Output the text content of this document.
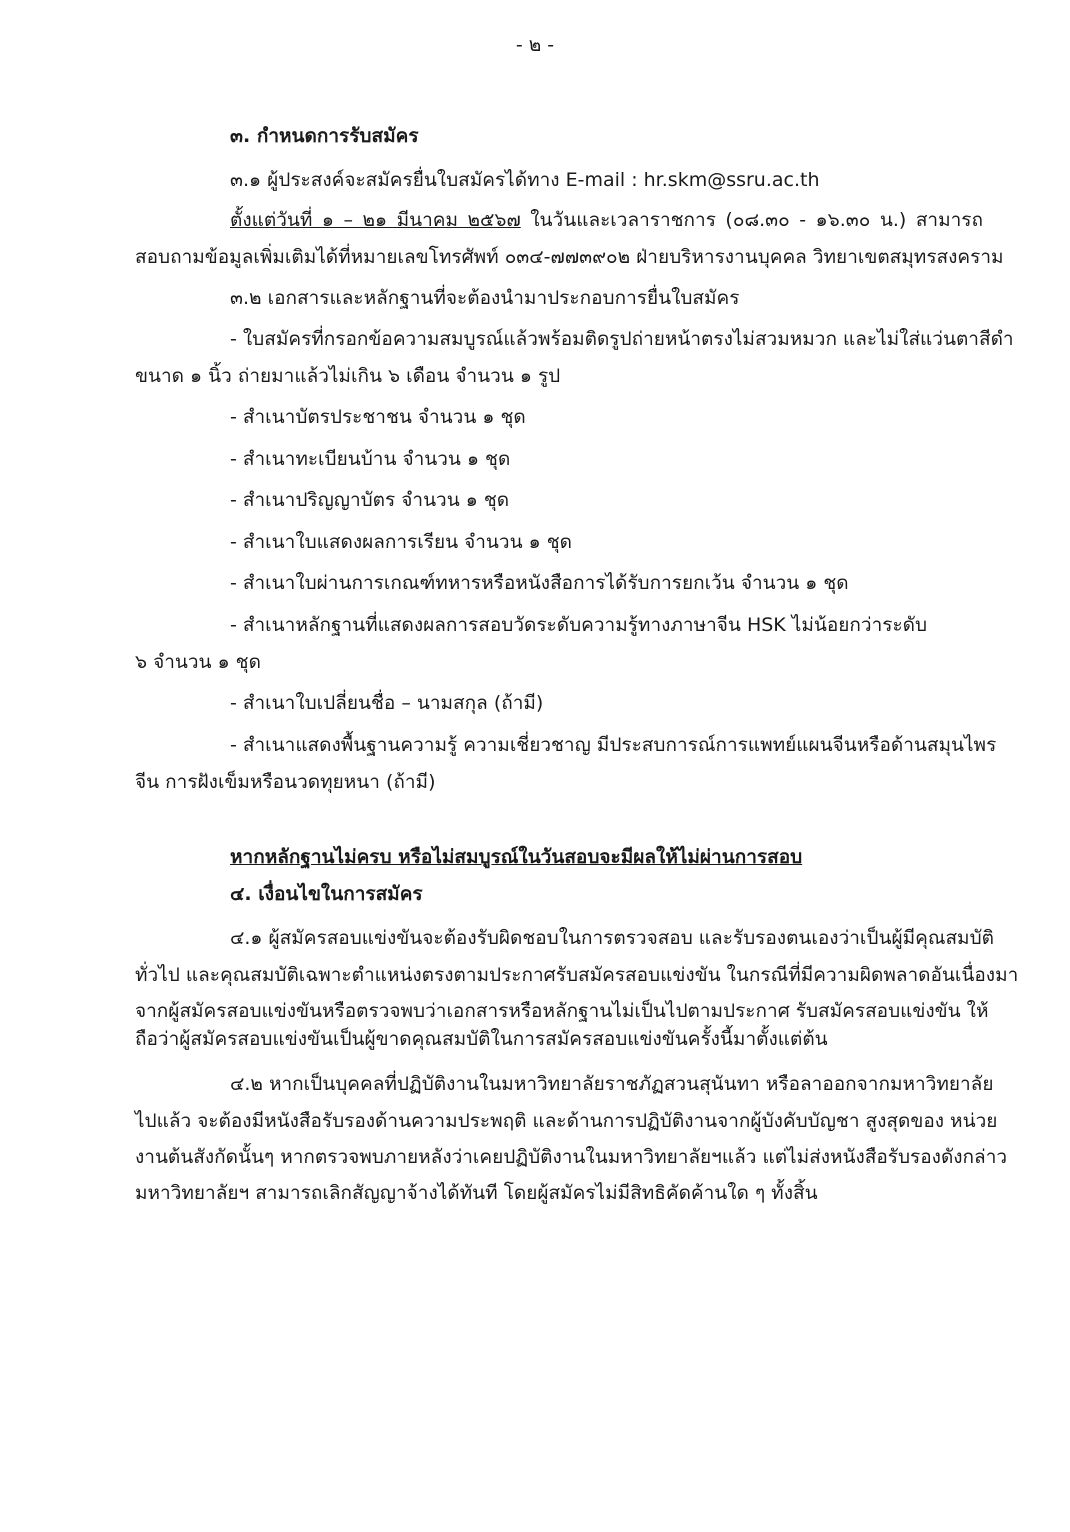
- ๒ -
๓. กำหนดการรับสมัคร
๓.๑ ผู้ประสงค์จะสมัครยื่นใบสมัครได้ทาง E-mail : hr.skm@ssru.ac.th
ตั้งแต่วันที่ ๑ – ๒๑ มีนาคม ๒๕๖๗ ในวันและเวลาราชการ (๐๘.๓๐ - ๑๖.๓๐ น.) สามารถ
สอบถามข้อมูลเพิ่มเติมได้ที่หมายเลขโทรศัพท์ ๐๓๔-๗๗๓๙๐๒ ฝ่ายบริหารงานบุคคล วิทยาเขตสมุทรสงคราม
๓.๒ เอกสารและหลักฐานที่จะต้องนำมาประกอบการยื่นใบสมัคร
- ใบสมัครที่กรอกข้อความสมบูรณ์แล้วพร้อมติดรูปถ่ายหน้าตรงไม่สวมหมวก และไม่ใส่แว่นตาสีดำ
ขนาด ๑ นิ้ว ถ่ายมาแล้วไม่เกิน ๖ เดือน จำนวน ๑ รูป
- สำเนาบัตรประชาชน จำนวน ๑ ชุด
- สำเนาทะเบียนบ้าน จำนวน ๑ ชุด
- สำเนาปริญญาบัตร จำนวน ๑ ชุด
- สำเนาใบแสดงผลการเรียน จำนวน ๑ ชุด
- สำเนาใบผ่านการเกณฑ์ทหารหรือหนังสือการได้รับการยกเว้น จำนวน ๑ ชุด
- สำเนาหลักฐานที่แสดงผลการสอบวัดระดับความรู้ทางภาษาจีน HSK ไม่น้อยกว่าระดับ
๖ จำนวน ๑ ชุด
- สำเนาใบเปลี่ยนชื่อ – นามสกุล (ถ้ามี)
- สำเนาแสดงพื้นฐานความรู้ ความเชี่ยวชาญ มีประสบการณ์การแพทย์แผนจีนหรือด้านสมุนไพร
จีน การฝังเข็มหรือนวดทุยหนา (ถ้ามี)
หากหลักฐานไม่ครบ หรือไม่สมบูรณ์ในวันสอบจะมีผลให้ไม่ผ่านการสอบ
๔. เงื่อนไขในการสมัคร
๔.๑ ผู้สมัครสอบแข่งขันจะต้องรับผิดชอบในการตรวจสอบ และรับรองตนเองว่าเป็นผู้มีคุณสมบัติ
ทั่วไป และคุณสมบัติเฉพาะตำแหน่งตรงตามประกาศรับสมัครสอบแข่งขัน ในกรณีที่มีความผิดพลาดอันเนื่องมา
จากผู้สมัครสอบแข่งขันหรือตรวจพบว่าเอกสารหรือหลักฐานไม่เป็นไปตามประกาศ รับสมัครสอบแข่งขัน ให้
ถือว่าผู้สมัครสอบแข่งขันเป็นผู้ขาดคุณสมบัติในการสมัครสอบแข่งขันครั้งนี้มาตั้งแต่ต้น
๔.๒ หากเป็นบุคคลที่ปฏิบัติงานในมหาวิทยาลัยราชภัฏสวนสุนันทา หรือลาออกจากมหาวิทยาลัย
ไปแล้ว จะต้องมีหนังสือรับรองด้านความประพฤติ และด้านการปฏิบัติงานจากผู้บังคับบัญชา สูงสุดของ หน่วย
งานต้นสังกัดนั้นๆ หากตรวจพบภายหลังว่าเคยปฏิบัติงานในมหาวิทยาลัยฯแล้ว แต่ไม่ส่งหนังสือรับรองดังกล่าว
มหาวิทยาลัยฯ สามารถเลิกสัญญาจ้างได้ทันที โดยผู้สมัครไม่มีสิทธิคัดค้านใด ๆ ทั้งสิ้น
